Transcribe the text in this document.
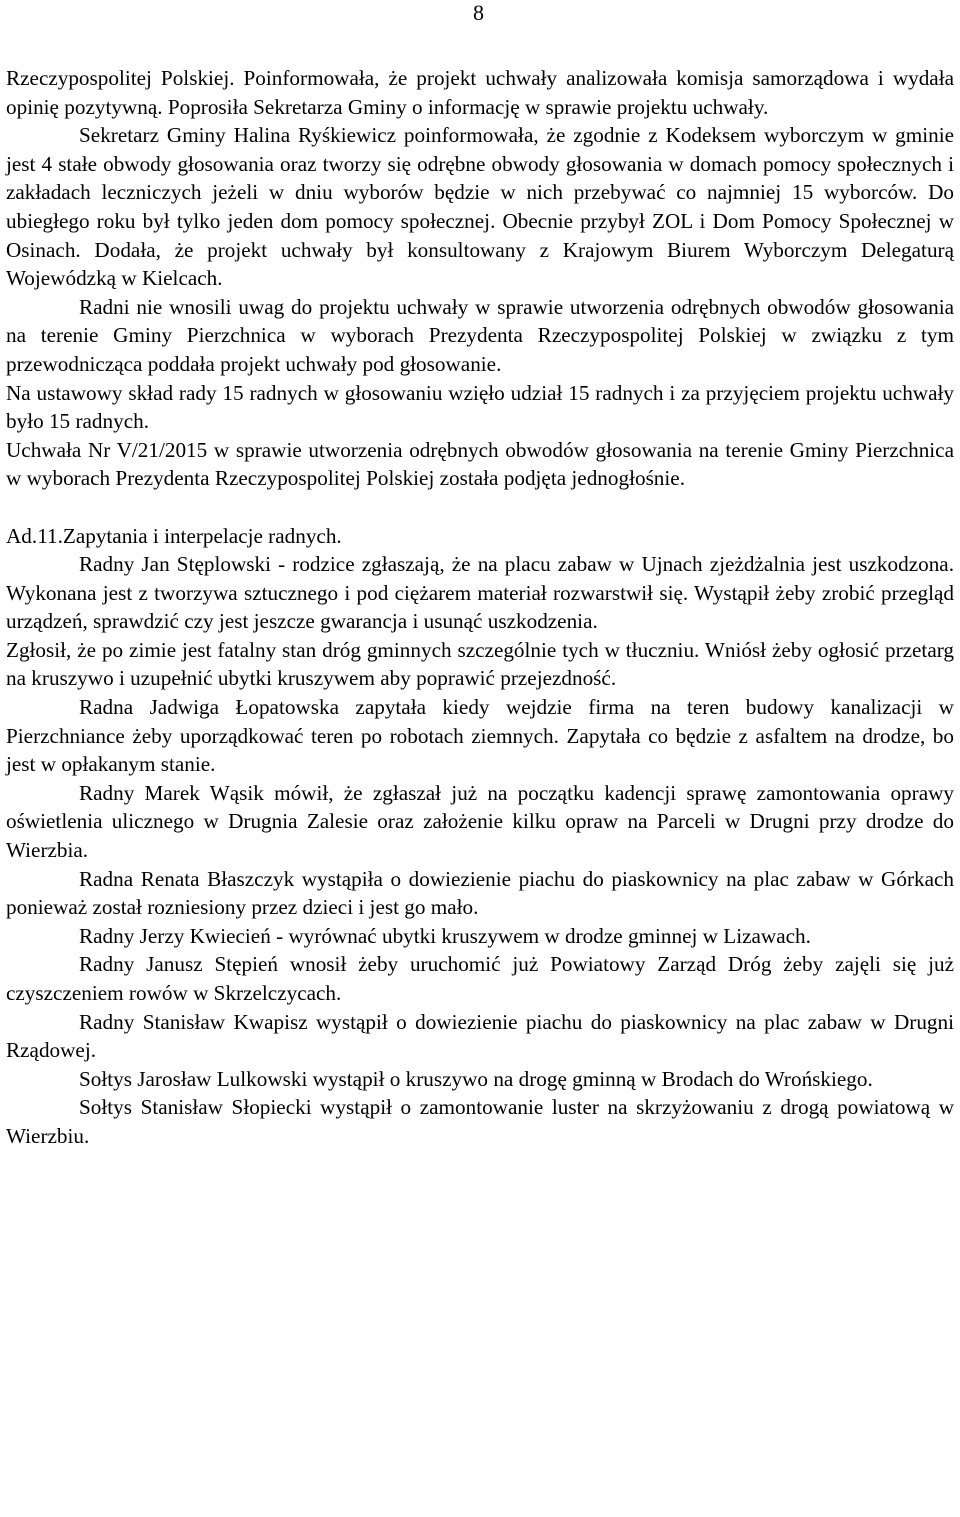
8

Rzeczypospolitej Polskiej. Poinformowała, że projekt uchwały analizowała komisja samorządowa i wydała opinię pozytywną. Poprosiła Sekretarza Gminy o informację w sprawie projektu uchwały.

Sekretarz Gminy Halina Ryśkiewicz poinformowała, że zgodnie z Kodeksem wyborczym w gminie jest 4 stałe obwody głosowania oraz tworzy się odrębne obwody głosowania w domach pomocy społecznych i zakładach leczniczych jeżeli w dniu wyborów będzie w nich przebywać co najmniej 15 wyborców. Do ubiegłego roku był tylko jeden dom pomocy społecznej. Obecnie przybył ZOL i Dom Pomocy Społecznej w Osinach. Dodała, że projekt uchwały był konsultowany z Krajowym Biurem Wyborczym Delegaturą Wojewódzką w Kielcach.

Radni nie wnosili uwag do projektu uchwały w sprawie utworzenia odrębnych obwodów głosowania na terenie Gminy Pierzchnica w wyborach Prezydenta Rzeczypospolitej Polskiej w związku z tym przewodnicząca poddała projekt uchwały pod głosowanie.

Na ustawowy skład rady 15 radnych w głosowaniu wzięło udział 15 radnych i za przyjęciem projektu uchwały było 15 radnych.

Uchwała Nr V/21/2015 w sprawie utworzenia odrębnych obwodów głosowania na terenie Gminy Pierzchnica w wyborach Prezydenta Rzeczypospolitej Polskiej została podjęta jednogłośnie.

Ad.11.Zapytania i interpelacje radnych.

Radny Jan Stęplowski - rodzice zgłaszają, że na placu zabaw w Ujnach zjeżdżalnia jest uszkodzona. Wykonana jest z tworzywa sztucznego i pod ciężarem materiał rozwarstwił się. Wystąpił żeby zrobić przegląd urządzeń, sprawdzić czy jest jeszcze gwarancja i usunąć uszkodzenia.

Zgłosił, że po zimie jest fatalny stan dróg gminnych szczególnie tych w tłuczniu. Wniósł żeby ogłosić przetarg na kruszywo i uzupełnić ubytki kruszywem aby poprawić przejezdność.

Radna Jadwiga Łopatowska zapytała kiedy wejdzie firma na teren budowy kanalizacji w Pierzchniance żeby uporządkować teren po robotach ziemnych. Zapytała co będzie z asfaltem na drodze, bo jest w opłakanym stanie.

Radny Marek Wąsik mówił, że zgłaszał już na początku kadencji sprawę zamontowania oprawy oświetlenia ulicznego w Drugnia Zalesie oraz założenie kilku opraw na Parceli w Drugni przy drodze do Wierzbia.

Radna Renata Błaszczyk wystąpiła o dowiezienie piachu do piaskownicy na plac zabaw w Górkach ponieważ został rozniesiony przez dzieci i jest go mało.

Radny Jerzy Kwiecień - wyrównać ubytki kruszywem w drodze gminnej w Lizawach.

Radny Janusz Stępień wnosił żeby uruchomić już Powiatowy Zarząd Dróg żeby zajęli się już czyszczeniem rowów w Skrzelczycach.

Radny Stanisław Kwapisz wystąpił o dowiezienie piachu do piaskownicy na plac zabaw w Drugni Rządowej.

Sołtys Jarosław Lulkowski wystąpił o kruszywo na drogę gminną w Brodach do Wrońskiego.

Sołtys Stanisław Słopiecki wystąpił o zamontowanie luster na skrzyżowaniu z drogą powiatową w Wierzbiu.
